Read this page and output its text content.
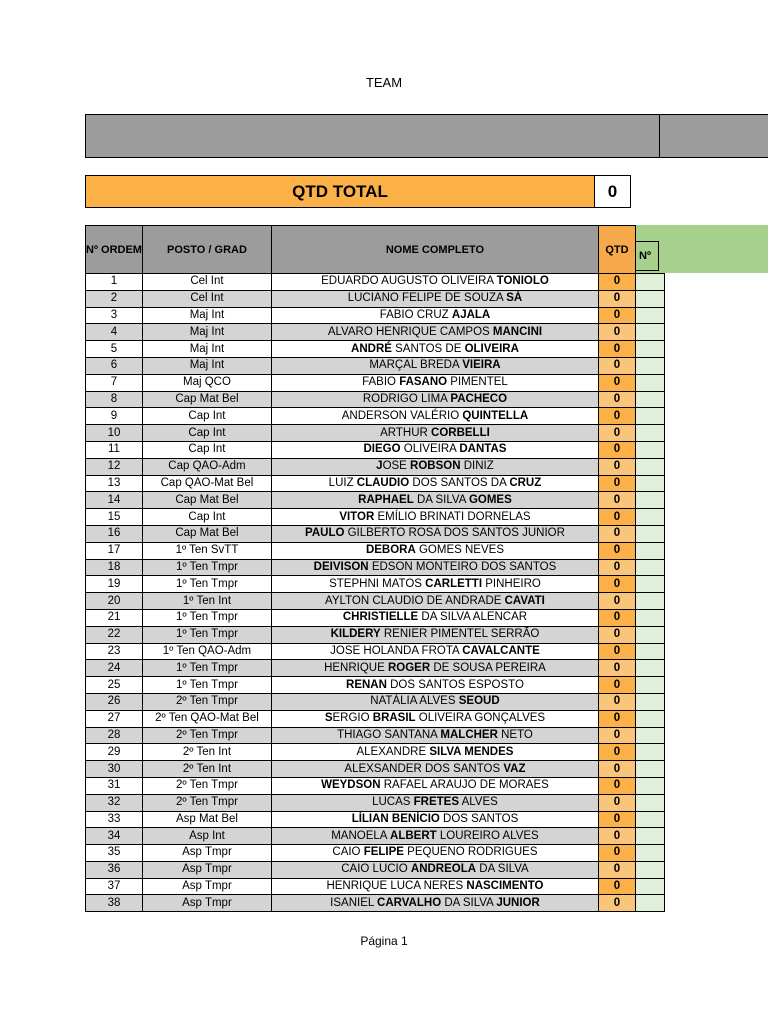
TEAM
QTD TOTAL	0
Nº
Nº ORDEM	POSTO / GRAD	NOME COMPLETO	QTD	
1	Cel Int	EDUARDO AUGUSTO OLIVEIRA TONIOLO	0	
2	Cel Int	LUCIANO FELIPE DE SOUZA SÁ	0	
3	Maj Int	FABIO CRUZ AJALA	0	
4	Maj Int	ALVARO HENRIQUE CAMPOS MANCINI	0	
5	Maj Int	ANDRÉ SANTOS DE OLIVEIRA	0	
6	Maj Int	MARÇAL BREDA VIEIRA	0	
7	Maj QCO	FABIO FASANO PIMENTEL	0	
8	Cap Mat Bel	RODRIGO LIMA PACHECO	0	
9	Cap Int	ANDERSON VALÉRIO QUINTELLA	0	
10	Cap Int	ARTHUR CORBELLI	0	
11	Cap Int	DIEGO OLIVEIRA DANTAS	0	
12	Cap QAO-Adm	JOSE ROBSON DINIZ	0	
13	Cap QAO-Mat Bel	LUIZ CLAUDIO DOS SANTOS DA CRUZ	0	
14	Cap Mat Bel	RAPHAEL DA SILVA GOMES	0	
15	Cap Int	VITOR EMÍLIO BRINATI DORNELAS	0	
16	Cap Mat Bel	PAULO GILBERTO ROSA DOS SANTOS JUNIOR	0	
17	1º Ten SvTT	DEBORA GOMES NEVES	0	
18	1º Ten Tmpr	DEIVISON EDSON MONTEIRO DOS SANTOS	0	
19	1º Ten Tmpr	STEPHNI MATOS CARLETTI PINHEIRO	0	
20	1º Ten Int	AYLTON CLAUDIO DE ANDRADE CAVATI	0	
21	1º Ten Tmpr	CHRISTIELLE DA SILVA ALENCAR	0	
22	1º Ten Tmpr	KILDERY RENIER PIMENTEL SERRÃO	0	
23	1º Ten QAO-Adm	JOSE HOLANDA FROTA CAVALCANTE	0	
24	1º Ten Tmpr	HENRIQUE ROGER DE SOUSA PEREIRA	0	
25	1º Ten Tmpr	RENAN DOS SANTOS ESPOSTO	0	
26	2º Ten Tmpr	NATÁLIA ALVES SEOUD	0	
27	2º Ten QAO-Mat Bel	SERGIO BRASIL OLIVEIRA GONÇALVES	0	
28	2º Ten Tmpr	THIAGO SANTANA MALCHER NETO	0	
29	2º Ten Int	ALEXANDRE SILVA MENDES	0	
30	2º Ten Int	ALEXSANDER DOS SANTOS VAZ	0	
31	2º Ten Tmpr	WEYDSON RAFAEL ARAUJO DE MORAES	0	
32	2º Ten Tmpr	LUCAS FRETES ALVES	0	
33	Asp Mat Bel	LÍLIAN BENÍCIO DOS SANTOS	0	
34	Asp Int	MANOELA ALBERT LOUREIRO ALVES	0	
35	Asp Tmpr	CAIO FELIPE PEQUENO RODRIGUES	0	
36	Asp Tmpr	CAIO LUCIO ANDREOLA DA SILVA	0	
37	Asp Tmpr	HENRIQUE LUCA NERES NASCIMENTO	0	
38	Asp Tmpr	ISANIEL CARVALHO DA SILVA JUNIOR	0	
Página 1
